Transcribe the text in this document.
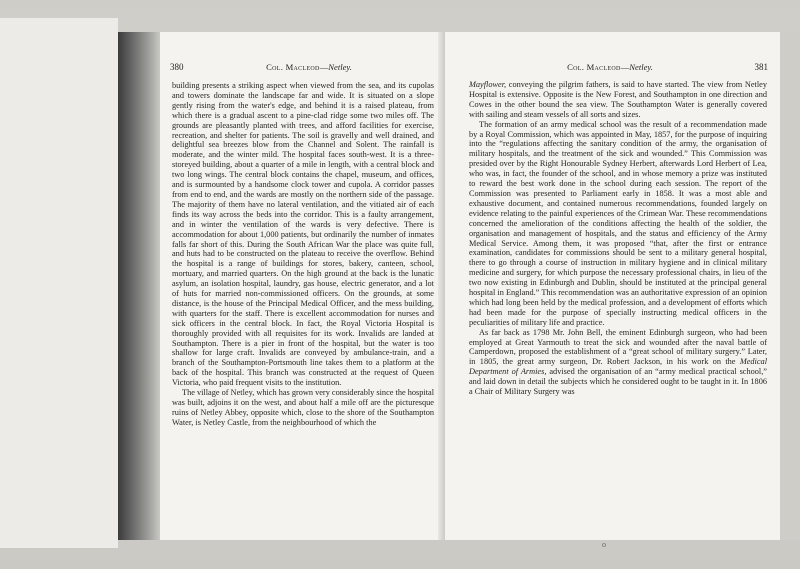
380	Col. Macleod—Netley.

building presents a striking aspect when viewed from the sea, and its cupolas and towers dominate the landscape far and wide. It is situated on a slope gently rising from the water's edge, and behind it is a raised plateau, from which there is a gradual ascent to a pine-clad ridge some two miles off. The grounds are pleasantly planted with trees, and afford facilities for exercise, recreation, and shelter for patients. The soil is gravelly and well drained, and delightful sea breezes blow from the Channel and Solent. The rainfall is moderate, and the winter mild. The hospital faces south-west. It is a three-storeyed building, about a quarter of a mile in length, with a central block and two long wings. The central block contains the chapel, museum, and offices, and is surmounted by a handsome clock tower and cupola. A corridor passes from end to end, and the wards are mostly on the northern side of the passage. The majority of them have no lateral ventilation, and the vitiated air of each finds its way across the beds into the corridor. This is a faulty arrangement, and in winter the ventilation of the wards is very defective. There is accommodation for about 1,000 patients, but ordinarily the number of inmates falls far short of this. During the South African War the place was quite full, and huts had to be constructed on the plateau to receive the overflow. Behind the hospital is a range of buildings for stores, bakery, canteen, school, mortuary, and married quarters. On the high ground at the back is the lunatic asylum, an isolation hospital, laundry, gas house, electric generator, and a lot of huts for married non-commissioned officers. On the grounds, at some distance, is the house of the Principal Medical Officer, and the mess building, with quarters for the staff. There is excellent accommodation for nurses and sick officers in the central block. In fact, the Royal Victoria Hospital is thoroughly provided with all requisites for its work. Invalids are landed at Southampton. There is a pier in front of the hospital, but the water is too shallow for large craft. Invalids are conveyed by ambulance-train, and a branch of the Southampton-Portsmouth line takes them to a platform at the back of the hospital. This branch was constructed at the request of Queen Victoria, who paid frequent visits to the institution.

The village of Netley, which has grown very considerably since the hospital was built, adjoins it on the west, and about half a mile off are the picturesque ruins of Netley Abbey, opposite which, close to the shore of the Southampton Water, is Netley Castle, from the neighbourhood of which the

Col. Macleod—Netley.	381

Mayflower, conveying the pilgrim fathers, is said to have started. The view from Netley Hospital is extensive. Opposite is the New Forest, and Southampton in one direction and Cowes in the other bound the sea view. The Southampton Water is generally covered with sailing and steam vessels of all sorts and sizes.

The formation of an army medical school was the result of a recommendation made by a Royal Commission, which was appointed in May, 1857, for the purpose of inquiring into the “regulations affecting the sanitary condition of the army, the organisation of military hospitals, and the treatment of the sick and wounded.” This Commission was presided over by the Right Honourable Sydney Herbert, afterwards Lord Herbert of Lea, who was, in fact, the founder of the school, and in whose memory a prize was instituted to reward the best work done in the school during each session. The report of the Commission was presented to Parliament early in 1858. It was a most able and exhaustive document, and contained numerous recommendations, founded largely on evidence relating to the painful experiences of the Crimean War. These recommendations concerned the amelioration of the conditions affecting the health of the soldier, the organisation and management of hospitals, and the status and efficiency of the Army Medical Service. Among them, it was proposed “that, after the first or entrance examination, candidates for commissions should be sent to a military general hospital, there to go through a course of instruction in military hygiene and in clinical military medicine and surgery, for which purpose the necessary professional chairs, in lieu of the two now existing in Edinburgh and Dublin, should be instituted at the principal general hospital in England.” This recommendation was an authoritative expression of an opinion which had long been held by the medical profession, and a development of efforts which had been made for the purpose of specially instructing medical officers in the peculiarities of military life and practice.

As far back as 1798 Mr. John Bell, the eminent Edinburgh surgeon, who had been employed at Great Yarmouth to treat the sick and wounded after the naval battle of Camperdown, proposed the establishment of a “great school of military surgery.” Later, in 1805, the great army surgeon, Dr. Robert Jackson, in his work on the Medical Department of Armies, advised the organisation of an “army medical practical school,” and laid down in detail the subjects which he considered ought to be taught in it. In 1806 a Chair of Military Surgery was

o
